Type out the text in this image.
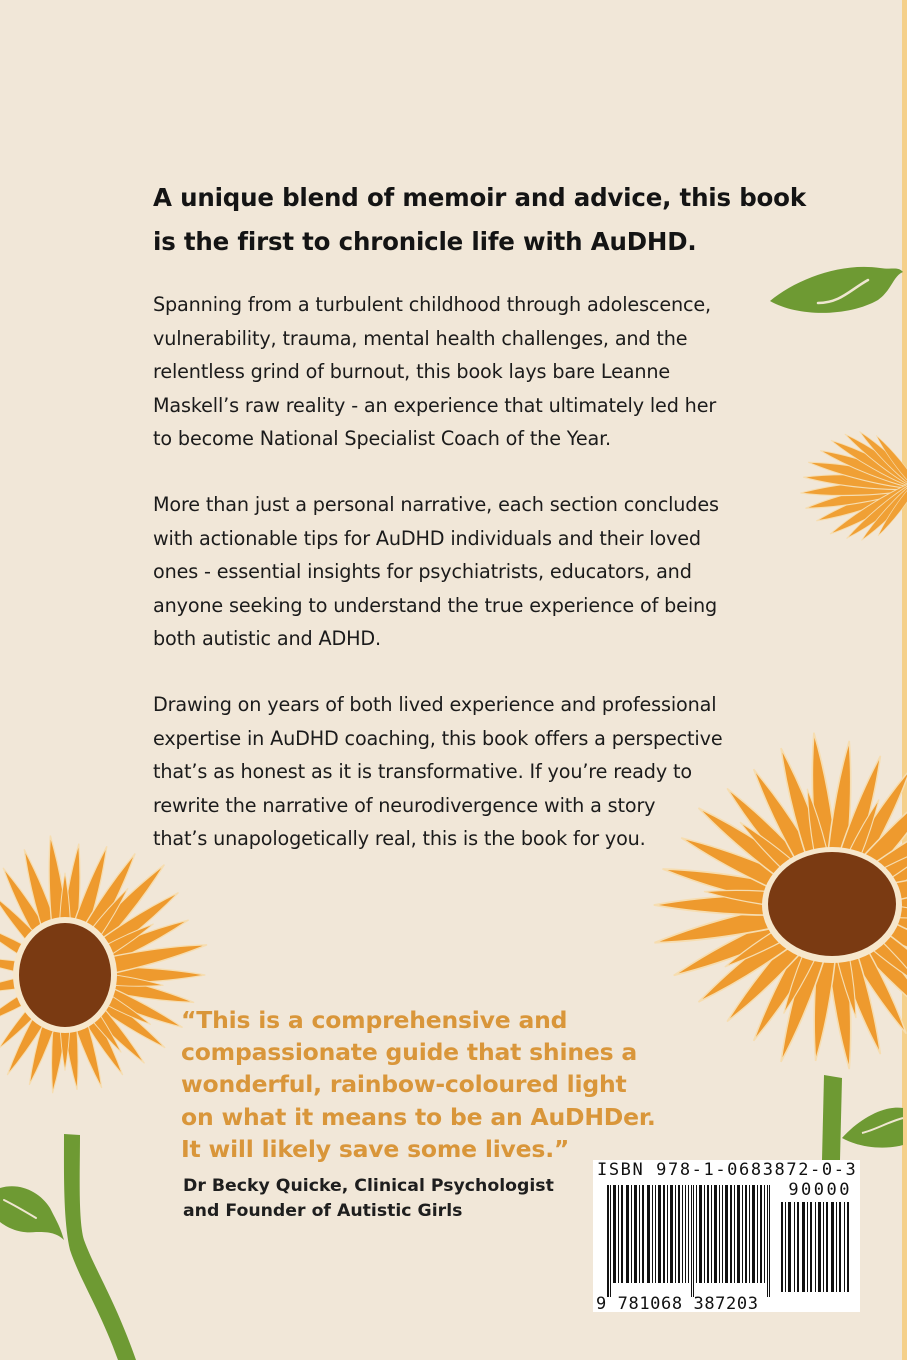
A unique blend of memoir and advice, this book
is the first to chronicle life with AuDHD.

Spanning from a turbulent childhood through adolescence,
vulnerability, trauma, mental health challenges, and the
relentless grind of burnout, this book lays bare Leanne
Maskell’s raw reality - an experience that ultimately led her
to become National Specialist Coach of the Year.

More than just a personal narrative, each section concludes
with actionable tips for AuDHD individuals and their loved
ones - essential insights for psychiatrists, educators, and
anyone seeking to understand the true experience of being
both autistic and ADHD.

Drawing on years of both lived experience and professional
expertise in AuDHD coaching, this book offers a perspective
that’s as honest as it is transformative. If you’re ready to
rewrite the narrative of neurodivergence with a story
that’s unapologetically real, this is the book for you.

“This is a comprehensive and
compassionate guide that shines a
wonderful, rainbow-coloured light
on what it means to be an AuDHDer.
It will likely save some lives.”

Dr Becky Quicke, Clinical Psychologist
and Founder of Autistic Girls

ISBN 978-1-0683872-0-3
90000
9 781068 387203
